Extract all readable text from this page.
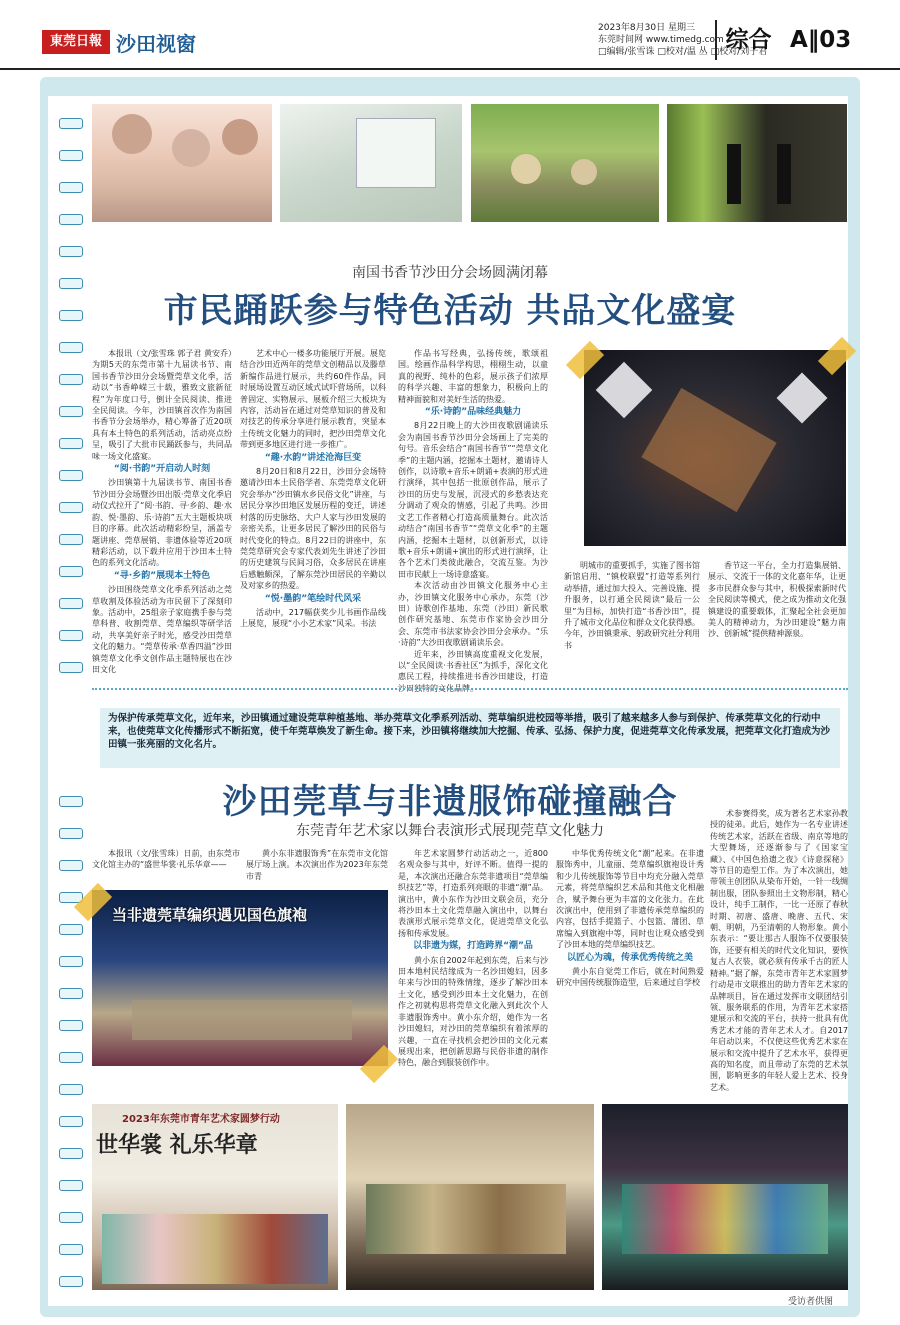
東莞日報 沙田视窗
2023年8月30日 星期三
东莞时间网 www.timedg.com
□编辑/张雪诛 □校对/温 丛 □校对/刘子君
综合 A‖03
南国书香节沙田分会场圆满闭幕
市民踊跃参与特色活动 共品文化盛宴

本报讯（文/张雪珠 郭子君 黄安乔）为期5天的东莞市第十九届读书节、南国书香节沙田分会场暨莞草文化季，活动以“书香峥嵘三十载，雅致文旅新征程”为年度口号，倒计全民阅读、推进全民阅读。今年，沙田镇首次作为南国书香节分会场举办，精心筹备了近20项具有本土特色的系列活动，活动亮点纷呈，吸引了大批市民踊跃参与，共同品味一场文化盛宴。

“阅·书韵”开启动人时刻

沙田镇第十九届读书节、南国书香节沙田分会场暨沙田出版·莞草文化季启动仪式拉开了“阅·书韵、寻·乡韵、趣·水韵、悦·墨韵、乐·诗韵”五大主题板块项目的序幕。此次活动精彩纷呈，涵盖专题讲座、莞草展销、非遗体验等近20项精彩活动，以下载并应用于沙田本土特色的系列文化活动。

“寻·乡韵”展现本土特色

沙田围绕莞草文化季系列活动之莞草收割及体验活动为市民留下了深刻印象。活动中，25组亲子家庭携手参与莞草科普、收割莞草、莞草编织等研学活动，共享美好亲子时光，感受沙田莞草文化的魅力。“莞草传承·草香四溢”沙田镇莞草文化季文创作品主题特展也在沙田文化

艺术中心一楼多功能展厅开展。展览结合沙田近两年的莞草文创精品以及滕草新编作品进行展示，共约60件作品，同时展场设置互动区域式试吓营场所，以科普固定、实物展示、展板介绍三大板块为内容，活动旨在通过对莞草知识的普及和对技艺的传承分享进行展示教育，突显本土传统文化魅力的同时，把沙田莞草文化带到更多地区进行进一步推广。

“趣·水韵”讲述沧海巨变

8月20日和8月22日，沙田分会场特邀请沙田本土民俗学者、东莞莞草文化研究会举办“沙田镇水乡民俗文化”讲座，与居民分享沙田地区发展历程的变迁，讲述村落的历史脉络、大户人家与沙田发展的亲密关系，让更多居民了解沙田的民俗与时代变化的特点。8月22日的讲座中，东莞莞草研究会专家代表刘先生讲述了沙田的历史建筑与民间习俗，众多居民在讲座后感触颇深，了解东莞沙田居民的辛勤以及对家乡的热爱。

“悦·墨韵”笔绘时代风采

活动中，217幅获奖少儿书画作品线上展览，展现“小小艺术家”风采。书法

作品书写经典，弘扬传统，歌颂祖国。绘画作品科学构思，栩栩生动，以童真的视野、纯朴的色彩，展示孩子们浓厚的科学兴趣、丰富的想象力，积极向上的精神面貌和对美好生活的热爱。

“乐·诗韵”品味经典魅力

8月22日晚上的大沙田夜歌剧诵读乐会为南国书香节沙田分会场画上了完美的句号。音乐会结合“南国书香节”“莞草文化季”的主题内涵，挖掘本土题材，邀请诗人创作，以诗歌+音乐+朗诵+表演的形式进行演绎，其中包括一批原创作品，展示了沙田的历史与发展，沉浸式的乡愁表达充分调动了观众的情感，引起了共鸣。沙田文艺工作者精心打造高质量舞台。此次活动结合“南国书香节”“莞草文化季”的主题内涵，挖掘本土题材，以创新形式，以诗歌+音乐+朗诵+演出的形式进行演绎，让各个艺术门类彼此融合，交流互鉴。为沙田市民献上一场诗意盛宴。

本次活动由沙田镇文化服务中心主办，沙田镇文化服务中心承办，东莞（沙田）诗歌创作基地、东莞（沙田）新民歌创作研究基地、东莞市作家协会沙田分会、东莞市书法家协会沙田分会承办。“乐·诗韵”大沙田夜歌剧诵读乐会。

近年来，沙田镇高度重视文化发展，以“全民阅读·书香社区”为抓手，深化文化惠民工程，持续推进书香沙田建设，打造沙田独特的文化品牌。

明城市的重要抓手，实施了图书馆新馆启用、“镇校联盟”打造等系列行动举措，通过加大投入、完善设施、提升服务，以打通全民阅读“最后一公里”为目标，加快打造“书香沙田”，提升了城市文化品位和群众文化获得感。今年，沙田镇秉承、躬政研究社分利用书

香节这一平台，全力打造集展销、展示、交流于一体的文化嘉年华，让更多市民群众参与其中，积极探索新时代全民阅读等模式，使之成为推动文化强镇建设的重要载体，汇聚起全社会更加美人的精神动力，为沙田建设“魅力南沙、创新城”提供精神源泉。

为保护传承莞草文化，近年来，沙田镇通过建设莞草种植基地、举办莞草文化季系列活动、莞草编织进校园等举措，吸引了越来越多人参与到保护、传承莞草文化的行动中来，也使莞草文化传播形式不断拓宽，使千年莞草焕发了新生命。接下来，沙田镇将继续加大挖掘、传承、弘扬、保护力度，促进莞草文化传承发展，把莞草文化打造成为沙田镇一张亮丽的文化名片。
沙田莞草与非遗服饰碰撞融合
东莞青年艺术家以舞台表演形式展现莞草文化魅力

本报讯（文/张雪珠）日前，由东莞市文化馆主办的“盛世华裳·礼乐华章——

黄小东非遗服饰秀”在东莞市文化馆展厅场上演。本次演出作为2023年东莞市青

当非遗莞草编织遇见国色旗袍

年艺术家圆梦行动活动之一，近800名观众参与其中，好评不断。值得一提的是，本次演出还融合东莞非遗项目“莞草编织技艺”等，打造系列亮眼的非遗“潮”品。演出中，黄小东作为沙田文联会员，充分将沙田本土文化莞草融入演出中，以舞台表演形式展示莞草文化，促进莞草文化弘扬和传承发展。

以非遗为媒，打造跨界“潮”品

黄小东自2002年起到东莞，后来与沙田本地村民结缘成为一名沙田媳妇，因多年来与沙田的特殊情缘，逐步了解沙田本土文化，感受到沙田本土文化魅力，在创作之初就构思将莞草文化融入到此次个人非遗服饰秀中。黄小东介绍，她作为一名沙田媳妇，对沙田的莞草编织有着浓厚的兴趣，一直在寻找机会把沙田的文化元素展现出来，把创新思路与民俗非遗的制作特色，融合到服装创作中。

中华优秀传统文化“潮”起来。在非遗服饰秀中，儿童丽、莞草编织旗袍设计秀和少儿传统服饰等节目中均充分融入莞草元素，将莞草编织艺术品和其他文化相融合，赋予舞台更为丰富的文化张力。在此次演出中，使用到了非遗传承莞草编织的内容，包括手提篮子、小包篮、蒲团、草席编入到旗袍中等，同时也让观众感受到了沙田本地的莞草编织技艺。

以匠心为魂，传承优秀传统之美

黄小东自觉莞工作后，就在时间熟爱研究中国传统服饰造型，后来通过自学校

术参赛得奖，成为著名艺术家孙教授的徒弟。此后，她作为一名专业讲述传统艺术家，活跃在省级、南京等地的大型舞场，还逐渐参与了《国家宝藏》、《中国色拾遗之夜》《诗意探秘》等节目的造型工作。为了本次演出，她带领主创团队从染布开始，一针一线绸制出服，团队参照出土文物形制，精心设计，纯手工制作，一比一还原了春秋时期、初唐、盛唐、晚唐、五代、宋朝、明朝，乃至清朝的人物形象。黄小东表示：“要让那古人服饰不仅要服装饰，还要有相关的时代文化知识，要恢复古人衣装，就必须有传承千古的匠人精神。”据了解，东莞市青年艺术家圆梦行动是市文联推出的助力青年艺术家的品牌项目，旨在通过发挥市文联团结引领、服务联系的作用，为青年艺术家搭建展示和交流的平台，扶持一批具有优秀艺术才能的青年艺术人才。自2017年启动以来，不仅使这些优秀艺术家在展示和交流中提升了艺术水平，获得更高的知名度，而且带动了东莞的艺术氛围，影响更多的年轻人爱上艺术、投身艺术。

2023年东莞市青年艺术家圆梦行动
世华裳 礼乐华章
受访者供图
